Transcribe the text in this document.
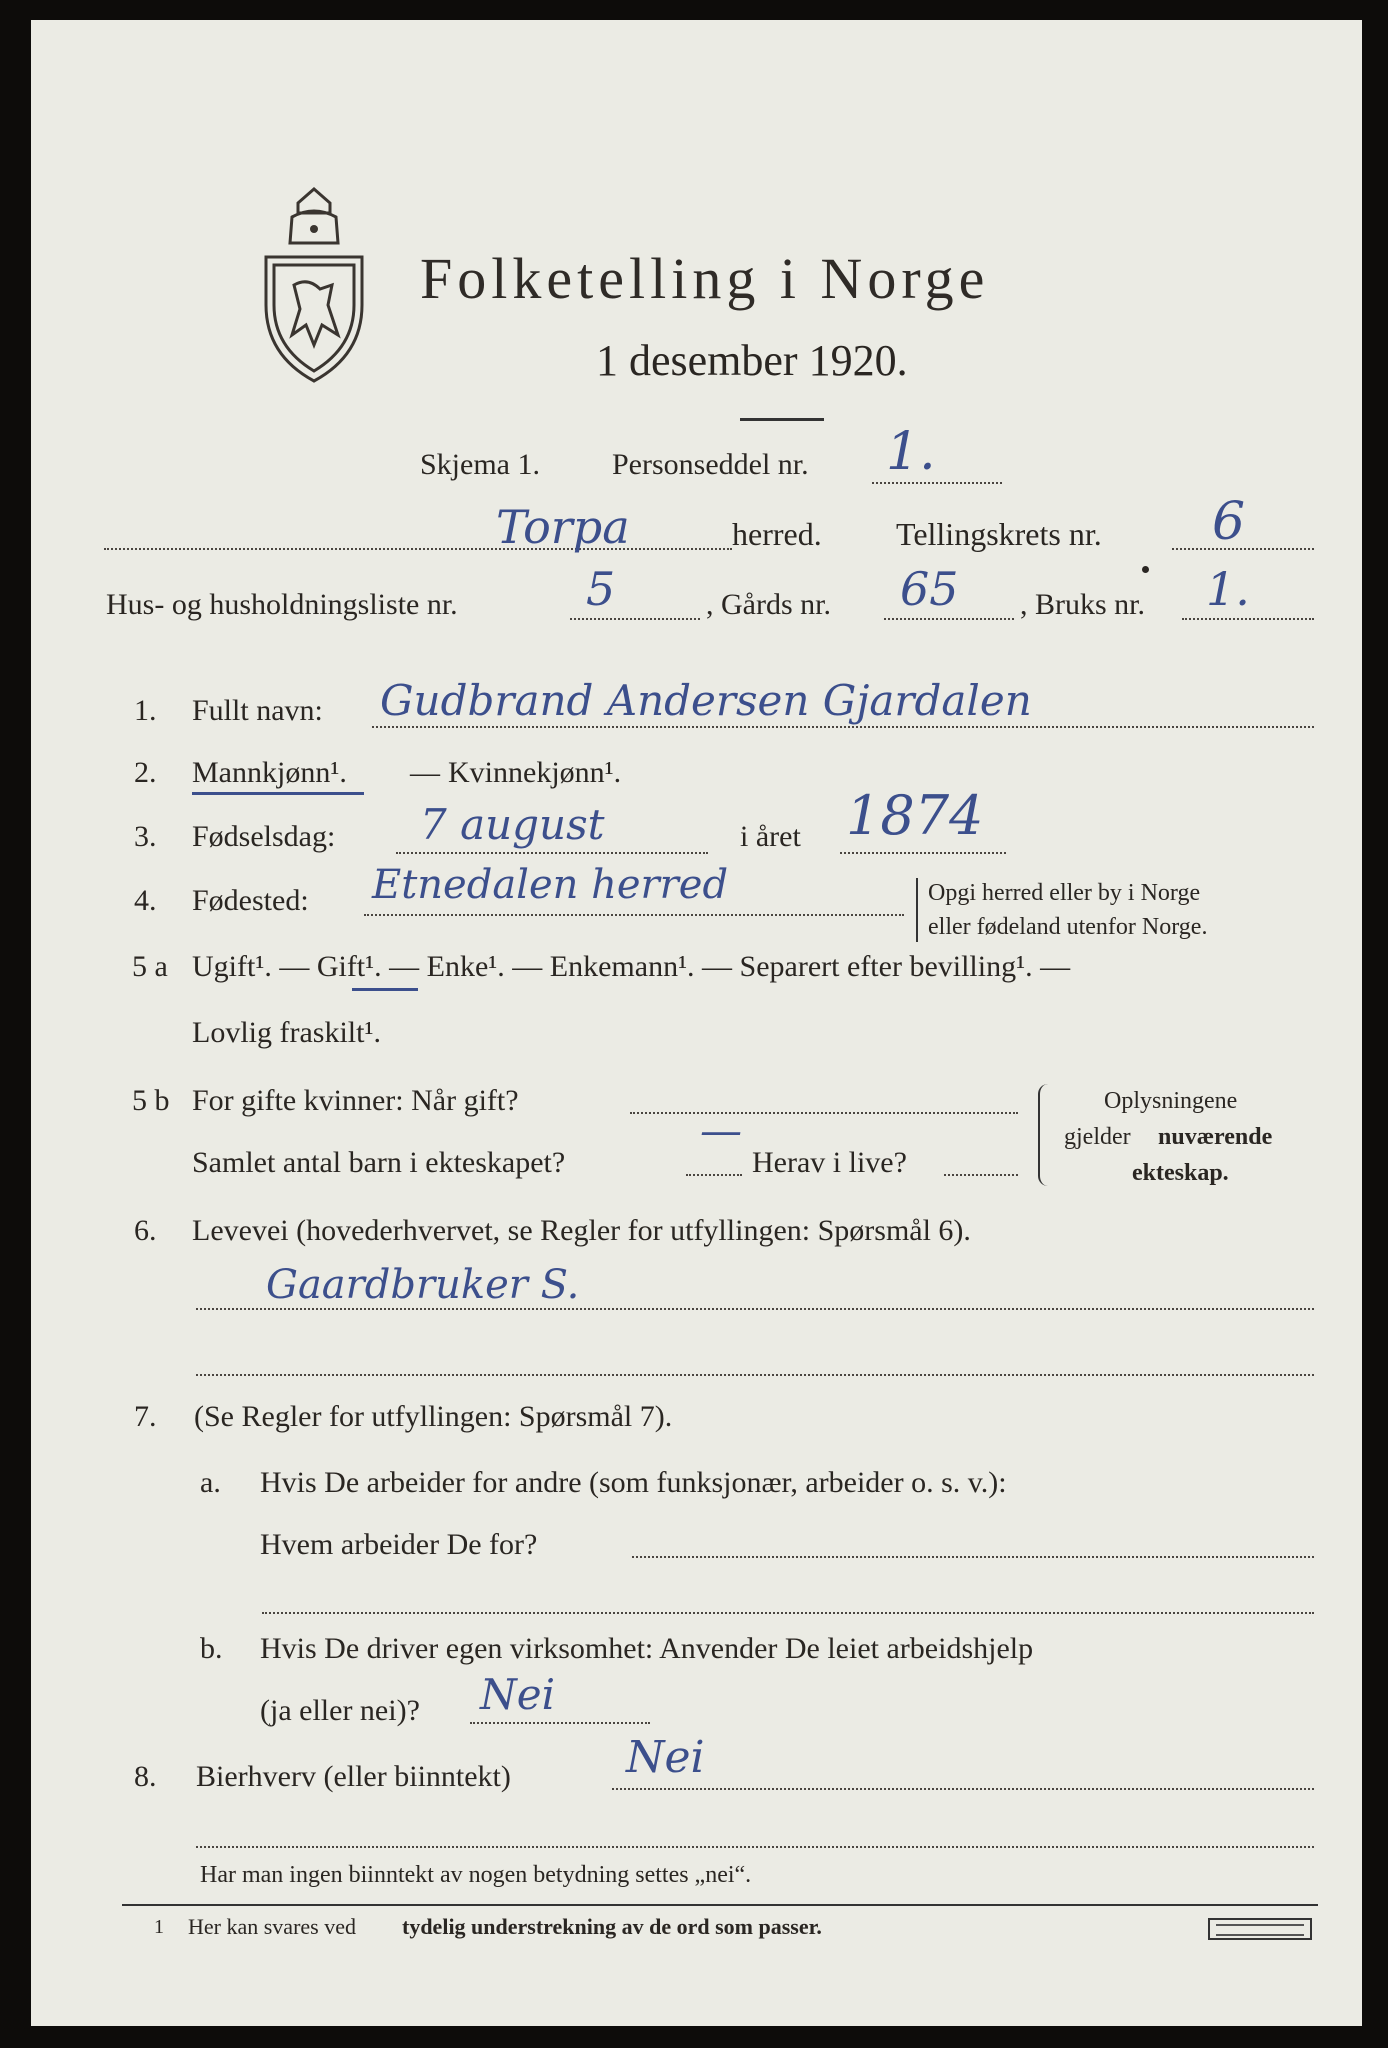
Folketelling i Norge
1 desember 1920.
Skjema 1. Personseddel nr. 1.
Torpa	herred. Tellingskrets nr. 6
Hus- og husholdningsliste nr.	5	, Gårds nr. 65 , Bruks nr. 1.
1. Fullt navn: Gudbrand Andersen Gjardalen
2. Mannkjønn¹. — Kvinnekjønn¹.
3. Fødselsdag: 7 august	i året 1874
4. Fødested: Etnedalen herred	Opgi herred eller by i Norge
eller fødeland utenfor Norge.
5 a Ugift¹. — Gift¹. — Enke¹. — Enkemann¹. — Separert efter bevilling¹. —
Lovlig fraskilt¹.
5 b For gifte kvinner: Når gift?
Samlet antal barn i ekteskapet?
—
Herav i live?
Oplysningene
gjelder nuværende
ekteskap.
6. Levevei (hovederhvervet, se Regler for utfyllingen: Spørsmål 6).
Gaardbruker S.
7. (Se Regler for utfyllingen: Spørsmål 7).
a. Hvis De arbeider for andre (som funksjonær, arbeider o. s. v.):
Hvem arbeider De for?
b. Hvis De driver egen virksomhet: Anvender De leiet arbeidshjelp
(ja eller nei)? Nei
8. Bierhverv (eller biinntekt)	Nei
Har man ingen biinntekt av nogen betydning settes „nei“.
1 Her kan svares ved tydelig understrekning av de ord som passer.
